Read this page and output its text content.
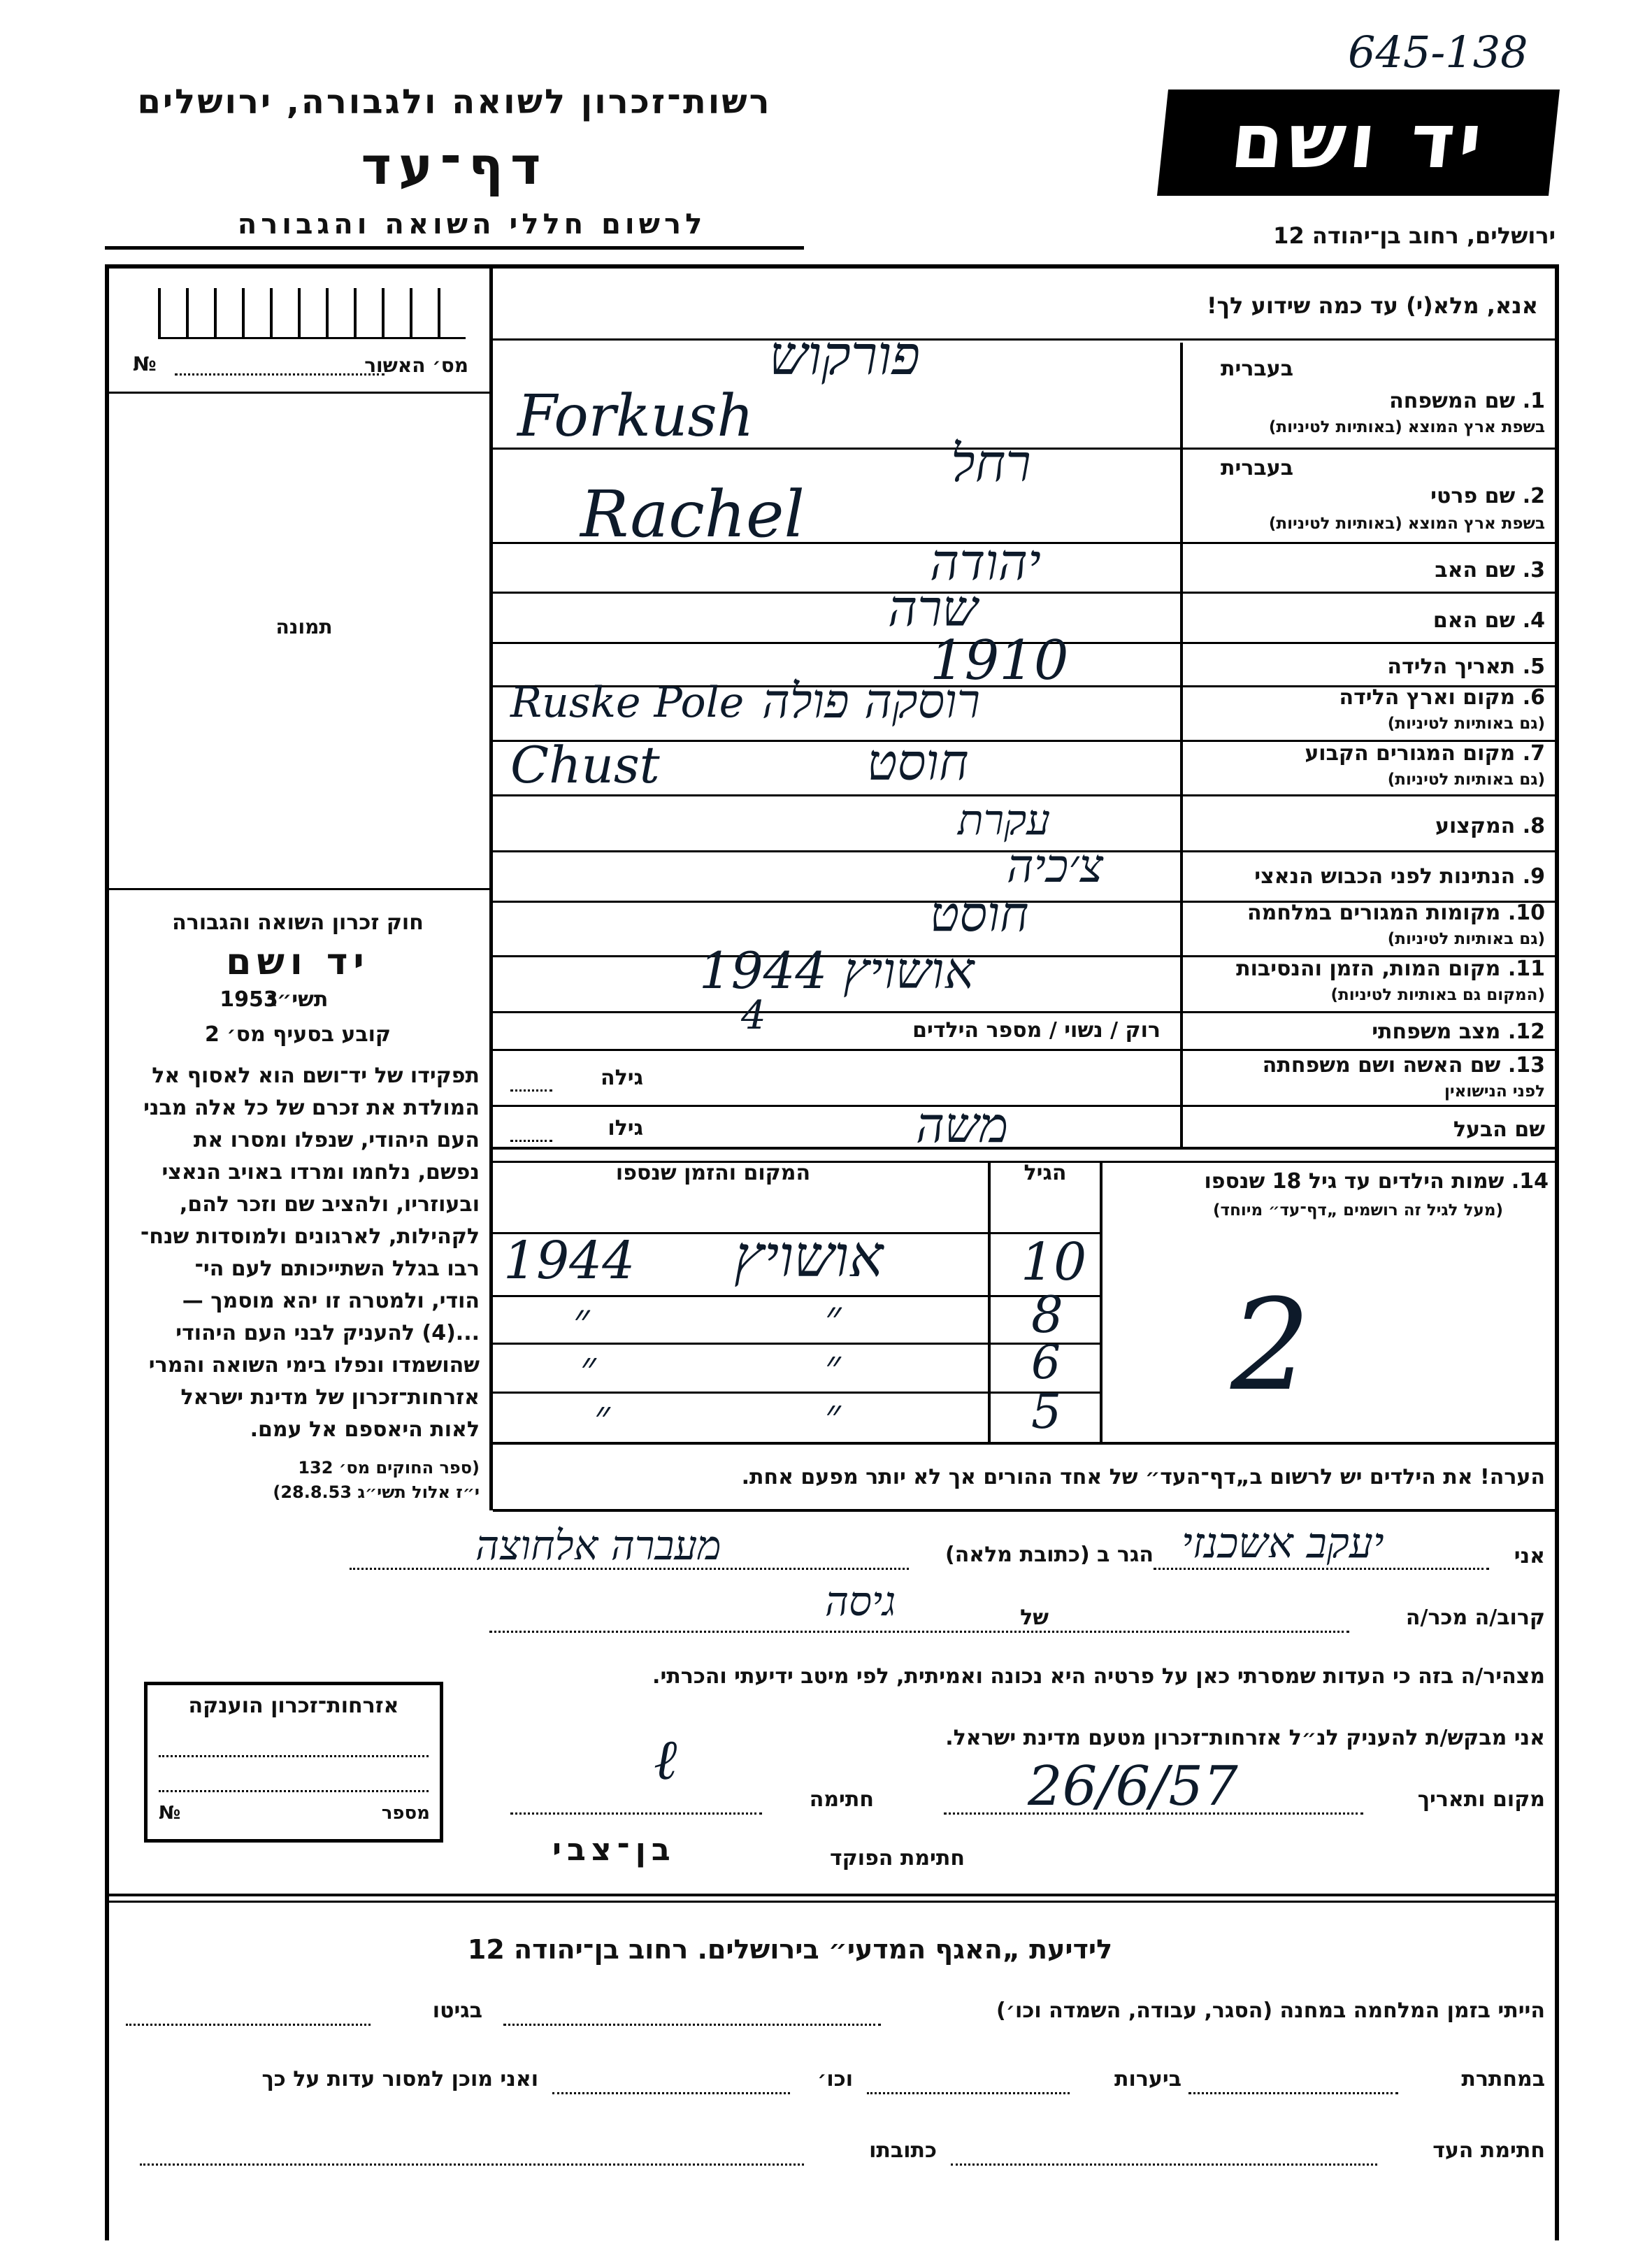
645-138
רשות־זכרון לשואה ולגבורה, ירושלים
דף־עד
לרשום חללי השואה והגבורה
יד ושם
ירושלים, רחוב בן־יהודה 12
אנא, מלא(י) עד כמה שידוע לך!
מס׳ האשור
№
תמונה
חוק זכרון השואה והגבורה
יד ושם
תשי״ג
1953
קובע בסעיף מס׳ 2
תפקידו של יד־ושם הוא לאסוף אל
המולדת את זכרם של כל אלה מבני
העם היהודי, שנפלו ומסרו את
נפשם, נלחמו ומרדו באויב הנאצי
ובעוזריו, ולהציב שם וזכר להם,
לקהילות, לארגונים ולמוסדות שנח־
רבו בגלל השתייכותם לעם הי־
הודי, ולמטרה זו יהא מוסמך —
...(4) להעניק לבני העם היהודי
שהושמדו ונפלו בימי השואה והמרי
אזרחות־זכרון של מדינת ישראל
לאות היאספם אל עמם.
(ספר החוקים מס׳ 132
י״ז אלול תשי״ג 28.8.53)
בעברית
1. שם המשפחה
בשפת ארץ המוצא (באותיות לטיניות)
פורקוש
Forkush
בעברית
2. שם פרטי
בשפת ארץ המוצא (באותיות לטיניות)
רחל
Rachel
3. שם האב
יהודה
4. שם האם
שרה
5. תאריך הלידה
1910
6. מקום וארץ הלידה
(גם באותיות לטיניות)
רוסקה פולה
Ruske Pole
7. מקום המגורים הקבוע
(גם באותיות לטיניות)
חוסט
Chust
8. המקצוע
עקרת
9. הנתינות לפני הכבוש הנאצי
צ׳כיה
10. מקומות המגורים במלחמה
(גם באותיות לטיניות)
חוסט
11. מקום המות, הזמן והנסיבות
(המקום גם באותיות לטיניות)
אושויץ 1944
12. מצב משפחתי
רוק / נשוי / מספר הילדים
4
13. שם האשה ושם משפחתה
לפני הנישואין
גילה
שם הבעל
גילו	משה
14. שמות הילדים עד גיל 18 שנספו
(מעל לגיל זה רושמים „דף־עד״ מיוחד)
הגיל
המקום והזמן שנספו
2
10
אושויץ
1944
8
״
״
6
״
״
5
״
״
הערה! את הילדים יש לרשום ב„דף־העד״ של אחד ההורים אך לא יותר מפעם אחת.
אני
יעקב אשכנזי
הגר ב (כתובת מלאה)
מעברה אלחוצה
קרוב/ה מכר/ה
של
גיסה
מצהיר/ה בזה כי העדות שמסרתי כאן על פרטיה היא נכונה ואמיתית, לפי מיטב ידיעתי והכרתי.
אני מבקש/ת להעניק לנ״ל אזרחות־זכרון מטעם מדינת ישראל.
ℓ
מקום ותאריך
26/6/57
חתימה
חתימת הפוקד
בן־צבי
אזרחות־זכרון הוענקה
מספר
№
לידיעת „האגף המדעי״ בירושלים. רחוב בן־יהודה 12
הייתי בזמן המלחמה במחנה (הסגר, עבודה, השמדה וכו׳)
בגיטו
במחתרת
ביערות
וכו׳
ואני מוכן למסור עדות על כך
חתימת העד
כתובתו
